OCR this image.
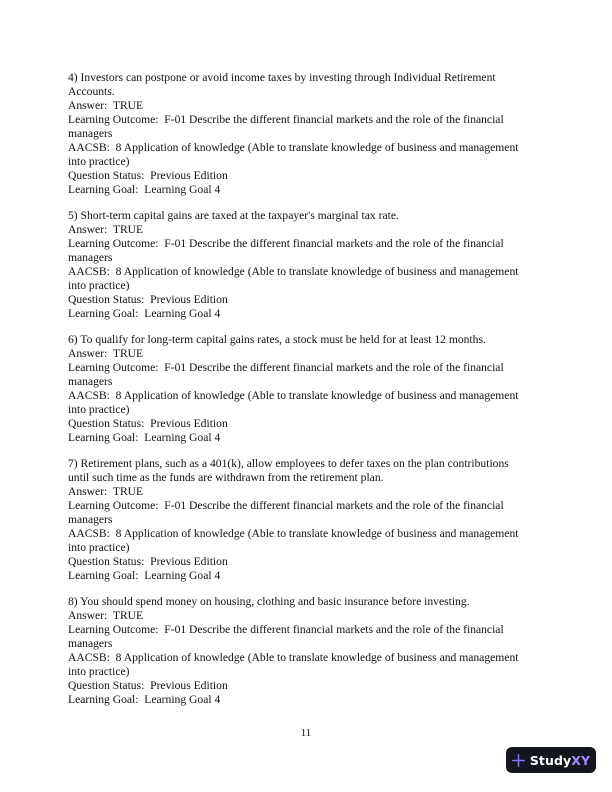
4) Investors can postpone or avoid income taxes by investing through Individual Retirement
Accounts.
Answer:  TRUE
Learning Outcome:  F-01 Describe the different financial markets and the role of the financial
managers
AACSB:  8 Application of knowledge (Able to translate knowledge of business and management
into practice)
Question Status:  Previous Edition
Learning Goal:  Learning Goal 4
5) Short-term capital gains are taxed at the taxpayer's marginal tax rate.
Answer:  TRUE
Learning Outcome:  F-01 Describe the different financial markets and the role of the financial
managers
AACSB:  8 Application of knowledge (Able to translate knowledge of business and management
into practice)
Question Status:  Previous Edition
Learning Goal:  Learning Goal 4
6) To qualify for long-term capital gains rates, a stock must be held for at least 12 months.
Answer:  TRUE
Learning Outcome:  F-01 Describe the different financial markets and the role of the financial
managers
AACSB:  8 Application of knowledge (Able to translate knowledge of business and management
into practice)
Question Status:  Previous Edition
Learning Goal:  Learning Goal 4
7) Retirement plans, such as a 401(k), allow employees to defer taxes on the plan contributions
until such time as the funds are withdrawn from the retirement plan.
Answer:  TRUE
Learning Outcome:  F-01 Describe the different financial markets and the role of the financial
managers
AACSB:  8 Application of knowledge (Able to translate knowledge of business and management
into practice)
Question Status:  Previous Edition
Learning Goal:  Learning Goal 4
8) You should spend money on housing, clothing and basic insurance before investing.
Answer:  TRUE
Learning Outcome:  F-01 Describe the different financial markets and the role of the financial
managers
AACSB:  8 Application of knowledge (Able to translate knowledge of business and management
into practice)
Question Status:  Previous Edition
Learning Goal:  Learning Goal 4
11
StudyXY
